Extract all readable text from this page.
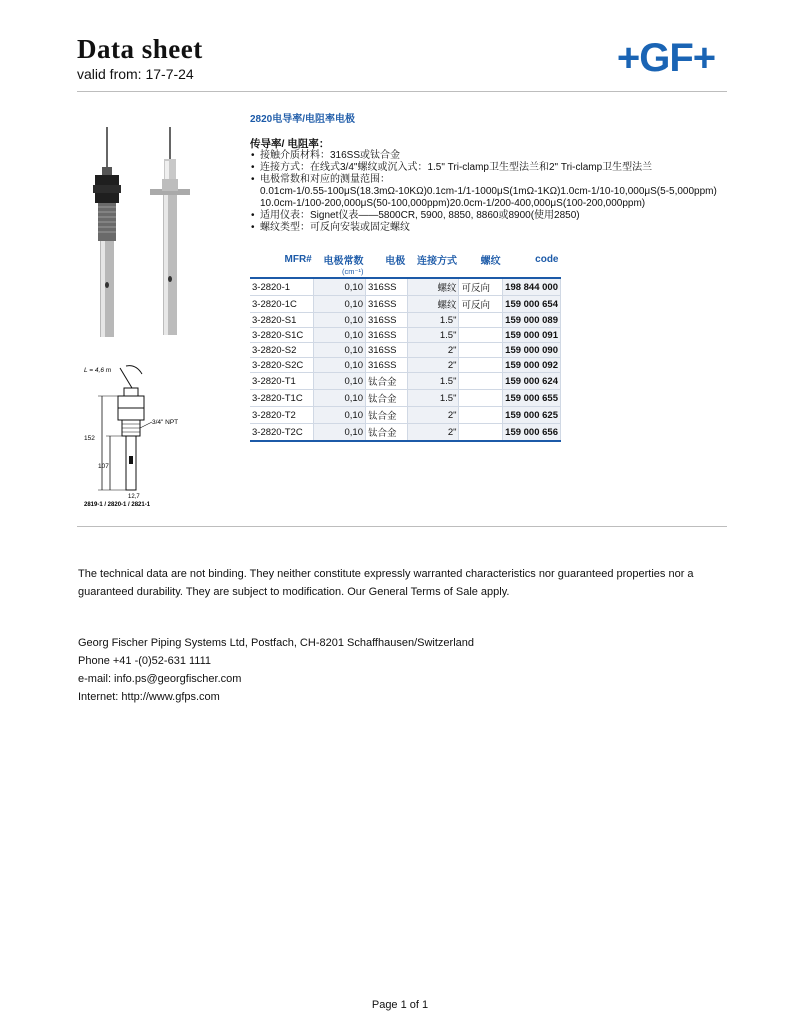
Data sheet
valid from: 17-7-24	+GF+
L = 4,6 m
152
107
3/4" NPT
12,7
2819-1 / 2820-1 / 2821-1
2820电导率/电阻率电极
传导率/ 电阻率：
• 接触介质材料：316SS或钛合金
• 连接方式：在线式3/4"螺纹或沉入式：1.5" Tri-clamp卫生型法兰和2" Tri-clamp卫生型法兰
• 电极常数和对应的测量范围：
0.01cm-1/0.55-100μS(18.3mΩ-10KΩ)0.1cm-1/1-1000μS(1mΩ-1KΩ)1.0cm-1/10-10,000μS(5-5,000ppm)
10.0cm-1/100-200,000μS(50-100,000ppm)20.0cm-1/200-400,000μS(100-200,000ppm)
• 适用仪表：Signet仪表——5800CR, 5900, 8850, 8860或8900(使用2850)
• 螺纹类型：可反向安装或固定螺纹
MFR#	电极常数	电极	连接方式	螺纹	code
	(cm⁻¹)				

3-2820-1	0,10	316SS	螺纹	可反向	198 844 000
3-2820-1C	0,10	316SS	螺纹	可反向	159 000 654
3-2820-S1	0,10	316SS	1.5"		159 000 089
3-2820-S1C	0,10	316SS	1.5"		159 000 091
3-2820-S2	0,10	316SS	2"		159 000 090
3-2820-S2C	0,10	316SS	2"		159 000 092
3-2820-T1	0,10	钛合金	1.5"		159 000 624
3-2820-T1C	0,10	钛合金	1.5"		159 000 655
3-2820-T2	0,10	钛合金	2"		159 000 625
3-2820-T2C	0,10	钛合金	2"		159 000 656
The technical data are not binding. They neither constitute expressly warranted characteristics nor guaranteed properties nor a guaranteed durability. They are subject to modification. Our General Terms of Sale apply.
Georg Fischer Piping Systems Ltd, Postfach, CH-8201 Schaffhausen/Switzerland
Phone +41 -(0)52-631 1111
e-mail: info.ps@georgfischer.com
Internet: http://www.gfps.com
Page 1 of 1
